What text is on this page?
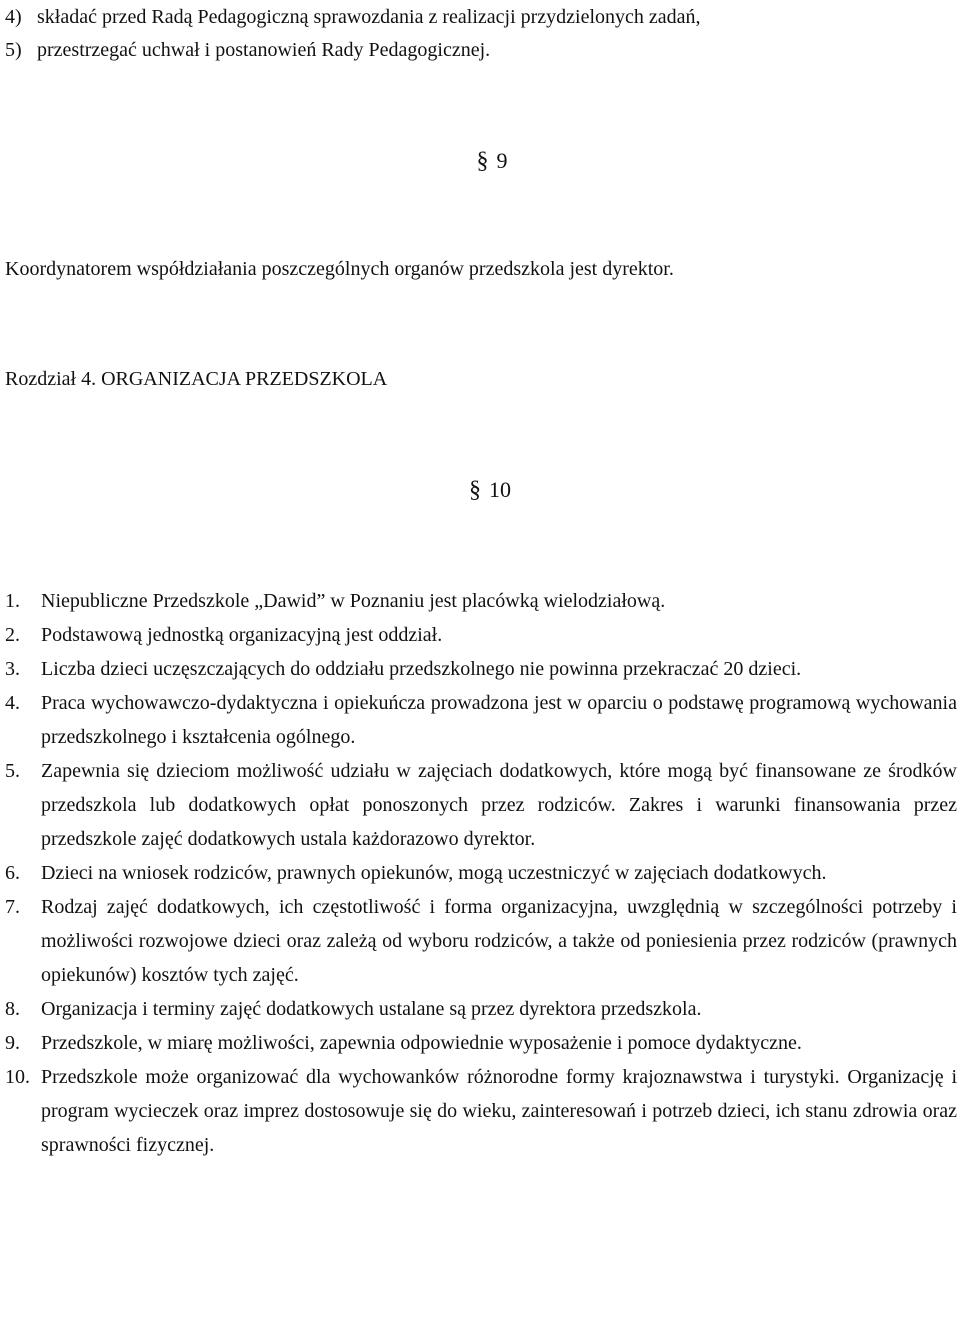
4) składać przed Radą Pedagogiczną sprawozdania z realizacji przydzielonych zadań,
5) przestrzegać uchwał i postanowień Rady Pedagogicznej.
§ 9
Koordynatorem współdziałania poszczególnych organów przedszkola jest dyrektor.
Rozdział 4. ORGANIZACJA PRZEDSZKOLA
§ 10
1.	Niepubliczne Przedszkole „Dawid” w Poznaniu jest placówką wielodziałową.
2.	Podstawową jednostką organizacyjną jest oddział.
3.	Liczba dzieci uczęszczających do oddziału przedszkolnego nie powinna przekraczać 20 dzieci.
4.	Praca wychowawczo-dydaktyczna i opiekuńcza prowadzona jest w oparciu o podstawę programową wychowania przedszkolnego i kształcenia ogólnego.
5.	Zapewnia się dzieciom możliwość udziału w zajęciach dodatkowych, które mogą być finansowane ze środków przedszkola lub dodatkowych opłat ponoszonych przez rodziców. Zakres i warunki finansowania przez przedszkole zajęć dodatkowych ustala każdorazowo dyrektor.
6.	Dzieci na wniosek rodziców, prawnych opiekunów, mogą uczestniczyć w zajęciach dodatkowych.
7.	Rodzaj zajęć dodatkowych, ich częstotliwość i forma organizacyjna, uwzględnią w szczególności potrzeby i możliwości rozwojowe dzieci oraz zależą od wyboru rodziców, a także od poniesienia przez rodziców (prawnych opiekunów) kosztów tych zajęć.
8.	Organizacja i terminy zajęć dodatkowych ustalane są przez dyrektora przedszkola.
9.	Przedszkole, w miarę możliwości, zapewnia odpowiednie wyposażenie i pomoce dydaktyczne.
10. Przedszkole może organizować dla wychowanków różnorodne formy krajoznawstwa i turystyki. Organizację i program wycieczek oraz imprez dostosowuje się do wieku, zainteresowań i potrzeb dzieci, ich stanu zdrowia oraz sprawności fizycznej.
